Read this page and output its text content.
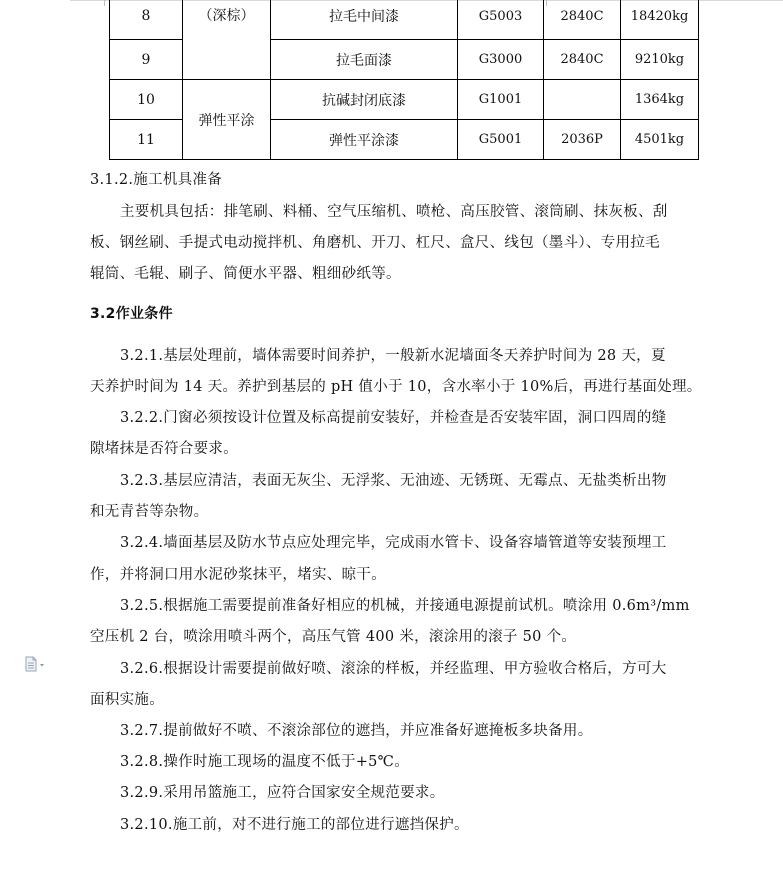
8	（深棕）	拉毛中间漆	G5003	2840C	18420kg
9		拉毛面漆	G3000	2840C	9210kg
10	弹性平涂	抗碱封闭底漆	G1001		1364kg
11		弹性平涂漆	G5001	2036P	4501kg
3.1.2.施工机具准备
主要机具包括：排笔刷、料桶、空气压缩机、喷枪、高压胶管、滚筒刷、抹灰板、刮
板、钢丝刷、手提式电动搅拌机、角磨机、开刀、杠尺、盒尺、线包（墨斗）、专用拉毛
辊筒、毛辊、刷子、简便水平器、粗细砂纸等。
3.2作业条件
3.2.1.基层处理前，墙体需要时间养护，一般新水泥墙面冬天养护时间为 28 天，夏
天养护时间为 14 天。养护到基层的 pH 值小于 10，含水率小于 10%后，再进行基面处理。
3.2.2.门窗必须按设计位置及标高提前安装好，并检查是否安装牢固，洞口四周的缝
隙堵抹是否符合要求。
3.2.3.基层应清洁，表面无灰尘、无浮浆、无油迹、无锈斑、无霉点、无盐类析出物
和无青苔等杂物。
3.2.4.墙面基层及防水节点应处理完毕，完成雨水管卡、设备容墙管道等安装预埋工
作，并将洞口用水泥砂浆抹平，堵实、晾干。
3.2.5.根据施工需要提前准备好相应的机械，并接通电源提前试机。喷涂用 0.6m³/mm
空压机 2 台，喷涂用喷斗两个，高压气管 400 米，滚涂用的滚子 50 个。
3.2.6.根据设计需要提前做好喷、滚涂的样板，并经监理、甲方验收合格后，方可大
面积实施。
3.2.7.提前做好不喷、不滚涂部位的遮挡，并应准备好遮掩板多块备用。
3.2.8.操作时施工现场的温度不低于+5℃。
3.2.9.采用吊篮施工，应符合国家安全规范要求。
3.2.10.施工前，对不进行施工的部位进行遮挡保护。
